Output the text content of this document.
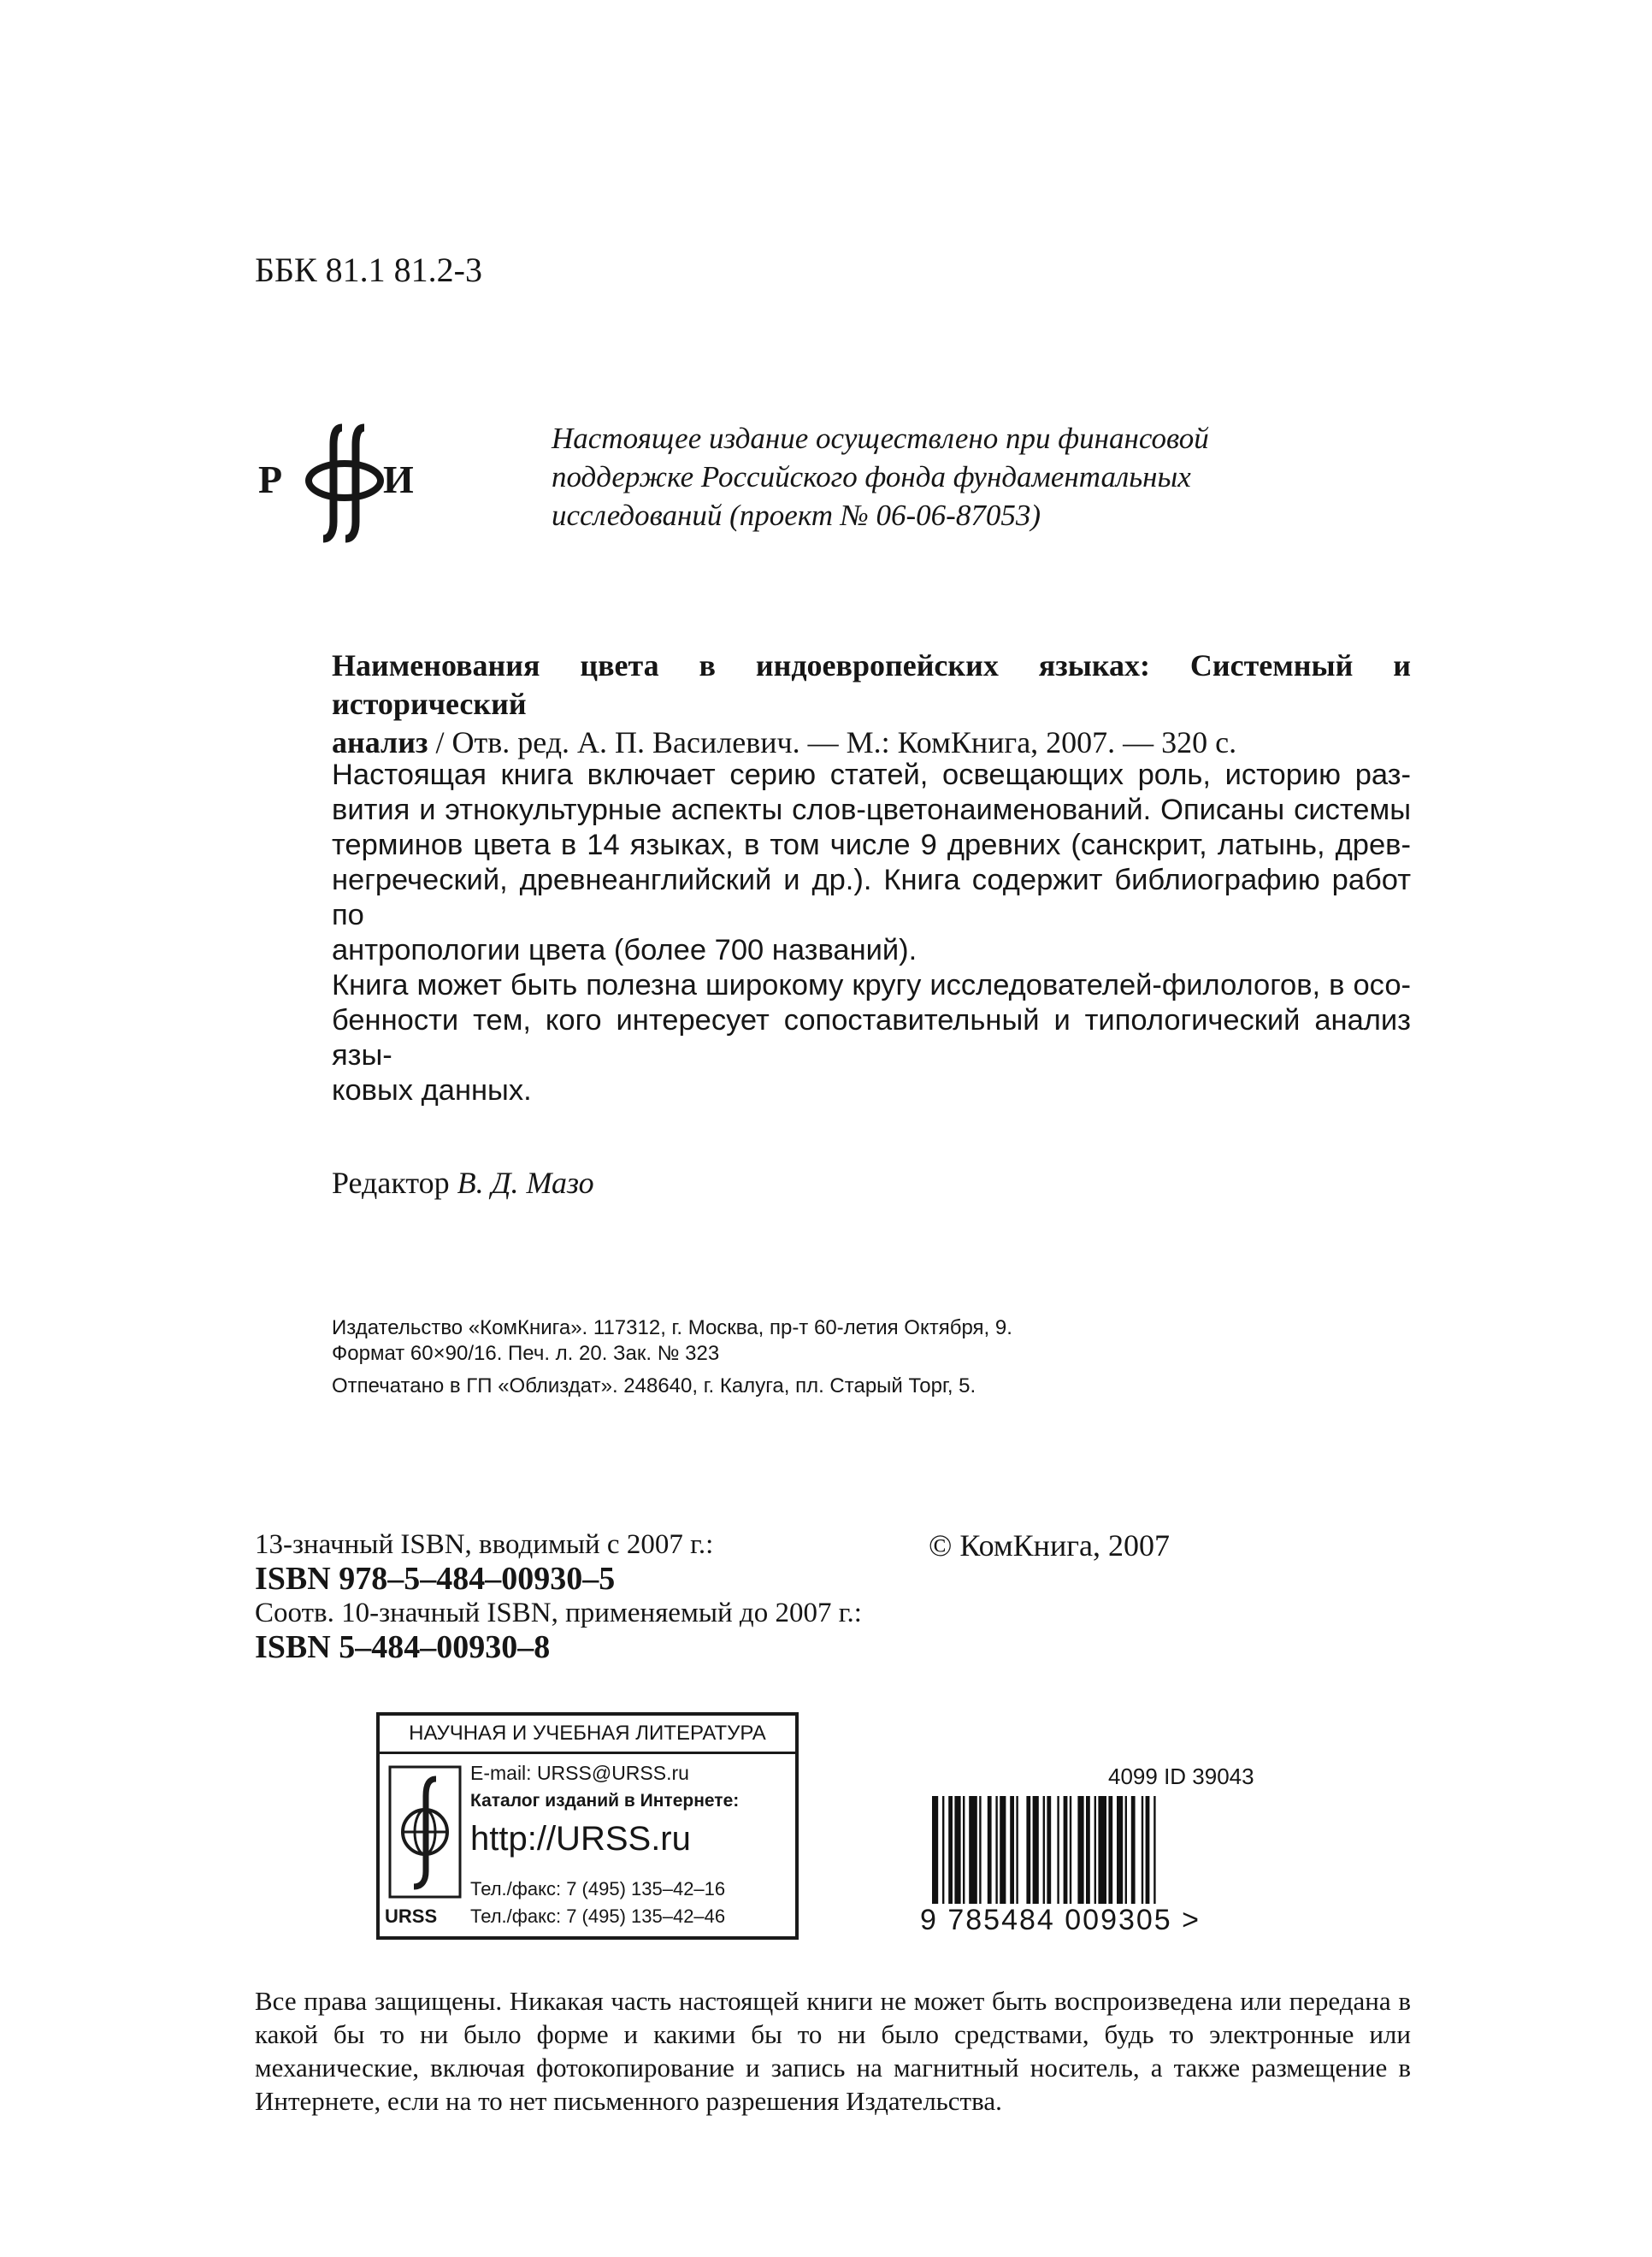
ББК 81.1 81.2-3
Р	И
Настоящее издание осуществлено при финансовой
поддержке Российского фонда фундаментальных
исследований (проект № 06-06-87053)
Наименования цвета в индоевропейских языках: Системный и исторический
анализ / Отв. ред. А. П. Василевич. — М.: КомКнига, 2007. — 320 с.
Настоящая книга включает серию статей, освещающих роль, историю раз-
вития и этнокультурные аспекты слов-цветонаименований. Описаны системы
терминов цвета в 14 языках, в том числе 9 древних (санскрит, латынь, древ-
негреческий, древнеанглийский и др.). Книга содержит библиографию работ по
антропологии цвета (более 700 названий).
Книга может быть полезна широкому кругу исследователей-филологов, в осо-
бенности тем, кого интересует сопоставительный и типологический анализ язы-
ковых данных.
Редактор В. Д. Мазо
Издательство «КомКнига». 117312, г. Москва, пр-т 60-летия Октября, 9.
Формат 60×90/16. Печ. л. 20. Зак. № 323
Отпечатано в ГП «Облиздат». 248640, г. Калуга, пл. Старый Торг, 5.
13-значный ISBN, вводимый с 2007 г.:
ISBN 978–5–484–00930–5
Соотв. 10-значный ISBN, применяемый до 2007 г.:
ISBN 5–484–00930–8
© КомКнига, 2007
НАУЧНАЯ И УЧЕБНАЯ ЛИТЕРАТУРА
E-mail: URSS@URSS.ru
Каталог изданий в Интернете:
http://URSS.ru
Тел./факс: 7 (495) 135–42–16
URSS Тел./факс: 7 (495) 135–42–46
4099 ID 39043
9 785484 009305 >
Все права защищены. Никакая часть настоящей книги не может быть воспроизведена или передана в какой бы то ни было форме и какими бы то ни было средствами, будь то электронные или механические, включая фотокопирование и запись на магнитный носитель, а также размещение в Интернете, если на то нет письменного разрешения Издательства.
